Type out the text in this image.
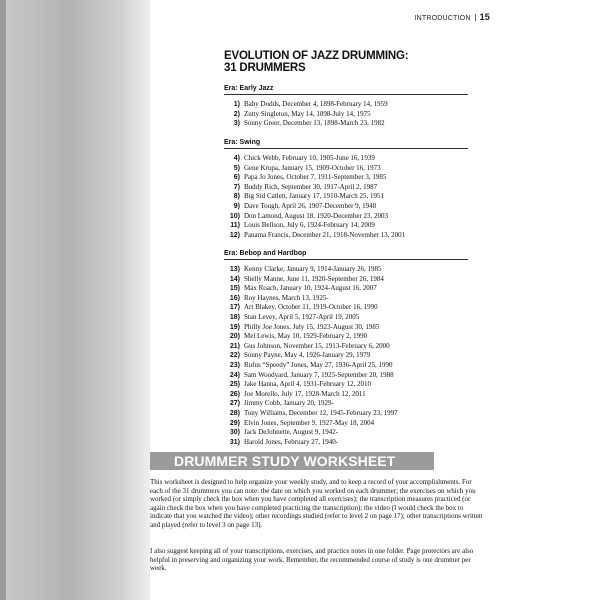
INTRODUCTION 15
EVOLUTION OF JAZZ DRUMMING:
31 DRUMMERS
Era: Early Jazz
1) Baby Dodds, December 4, 1898-February 14, 1959
2) Zutty Singleton, May 14, 1898-July 14, 1975
3) Sonny Greer, December 13, 1898-March 23, 1982
Era: Swing
4) Chick Webb, February 10, 1905-June 16, 1939
5) Gene Krupa, January 15, 1909-October 16, 1973
6) Papa Jo Jones, October 7, 1911-September 3, 1985
7) Buddy Rich, September 30, 1917-April 2, 1987
8) Big Sid Catlett, January 17, 1910-March 25, 1951
9) Dave Tough, April 26, 1907-December 9, 1948
10) Don Lamond, August 18, 1920-December 23, 2003
11) Louis Bellson, July 6, 1924-February 14, 2009
12) Panama Francis, December 21, 1918-November 13, 2001
Era: Bebop and Hardbop
13) Kenny Clarke, January 9, 1914-January 26, 1985
14) Shelly Manne, June 11, 1920-September 26, 1984
15) Max Roach, January 10, 1924-August 16, 2007
16) Roy Haynes, March 13, 1925-
17) Art Blakey, October 11, 1919-October 16, 1990
18) Stan Levey, April 5, 1927-April 19, 2005
19) Philly Joe Jones, July 15, 1923-August 30, 1985
20) Mel Lewis, May 10, 1929-February 2, 1990
21) Gus Johnson, November 15, 1913-February 6, 2000
22) Sonny Payne, May 4, 1926-January 29, 1979
23) Rufus “Speedy” Jones, May 27, 1936-April 25, 1990
24) Sam Woodyard, January 7, 1925-September 20, 1988
25) Jake Hanna, April 4, 1931-February 12, 2010
26) Joe Morello, July 17, 1928-March 12, 2011
27) Jimmy Cobb, January 20, 1929-
28) Tony Williams, December 12, 1945-February 23, 1997
29) Elvin Jones, September 9, 1927-May 18, 2004
30) Jack DeJohnette, August 9, 1942-
31) Harold Jones, February 27, 1940-
DRUMMER STUDY WORKSHEET

This worksheet is designed to help organize your weekly study, and to keep a record of your accomplishments. For each of the 31 drummers you can note: the date on which you worked on each drummer; the exercises on which you worked (or simply check the box when you have completed all exercises); the transcription measures practiced (or again check the box when you have completed practicing the transcription); the video (I would check the box to indicate that you watched the video); other recordings studied (refer to level 2 on page 17); other transcriptions written and played (refer to level 3 on page 13).

I also suggest keeping all of your transcriptions, exercises, and practice notes in one folder. Page protectors are also helpful in preserving and organizing your work. Remember, the recommended course of study is one drummer per week.
